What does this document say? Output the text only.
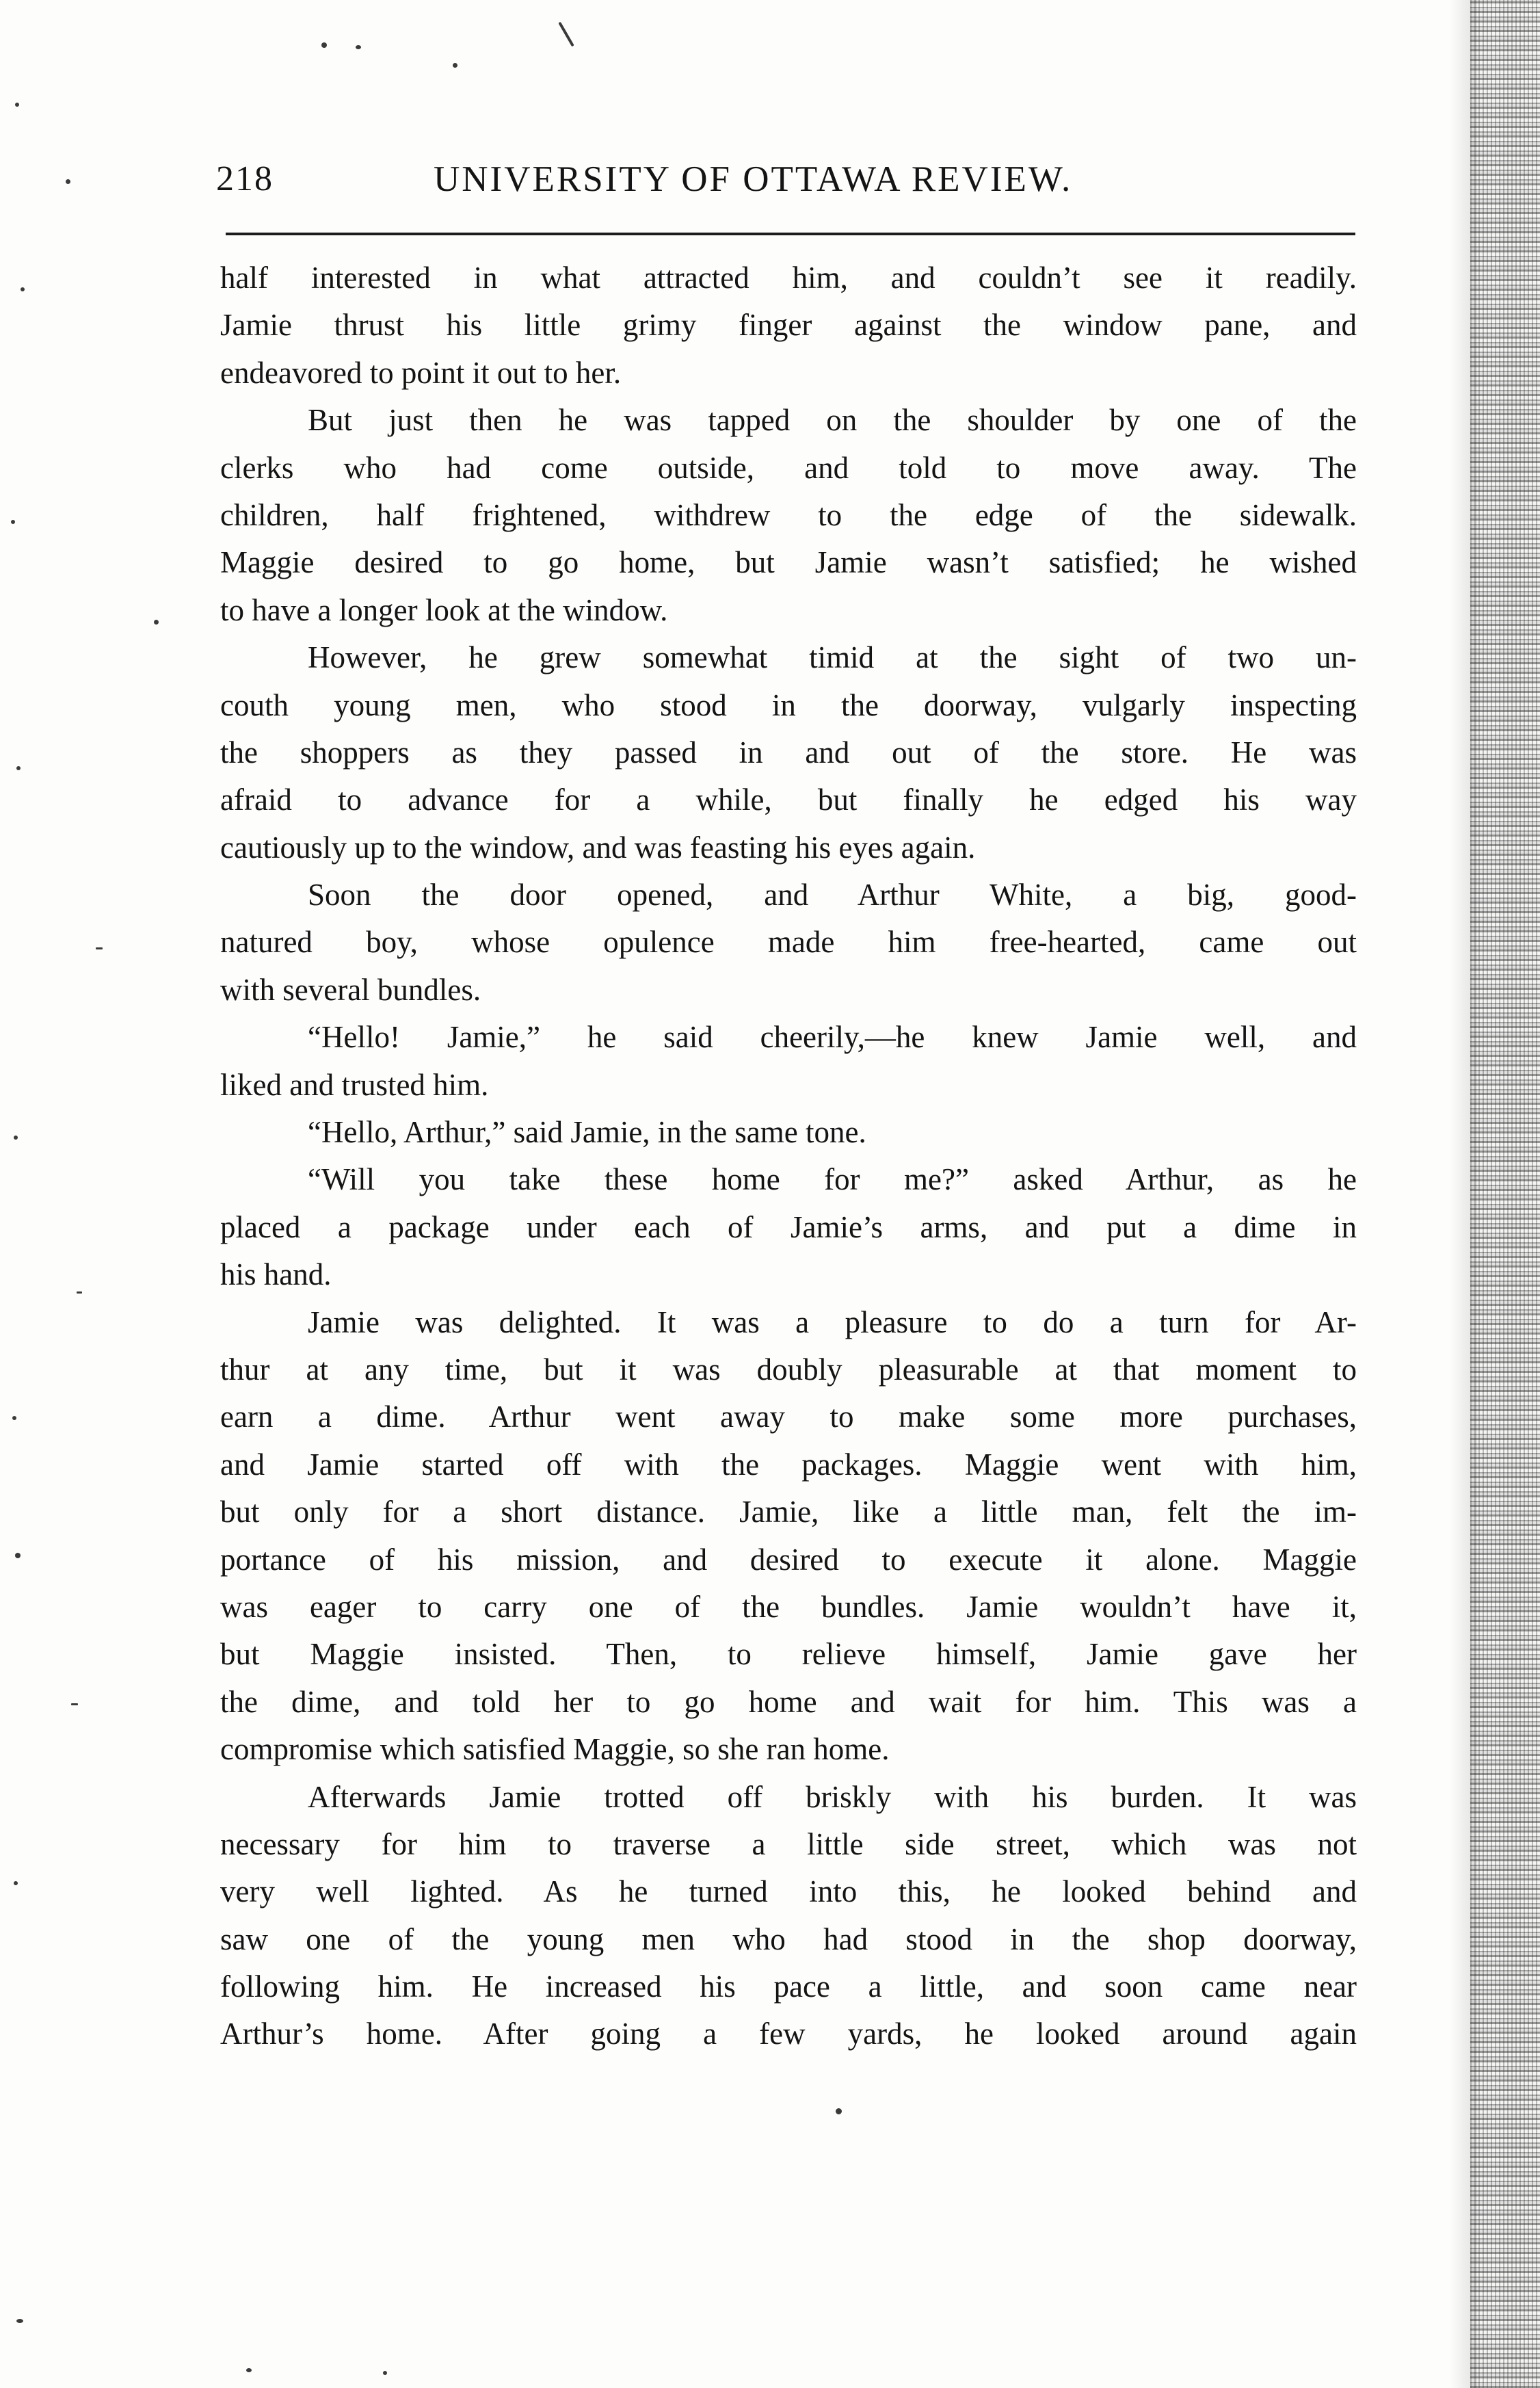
218	UNIVERSITY OF OTTAWA REVIEW.
half interested in what attracted him, and couldn’t see it readily.
Jamie thrust his little grimy finger against the window pane, and
endeavored to point it out to her.
But just then he was tapped on the shoulder by one of the
clerks who had come outside, and told to move away. The
children, half frightened, withdrew to the edge of the sidewalk.
Maggie desired to go home, but Jamie wasn’t satisfied; he wished
to have a longer look at the window.
However, he grew somewhat timid at the sight of two un-
couth young men, who stood in the doorway, vulgarly inspecting
the shoppers as they passed in and out of the store. He was
afraid to advance for a while, but finally he edged his way
cautiously up to the window, and was feasting his eyes again.
Soon the door opened, and Arthur White, a big, good-
natured boy, whose opulence made him free-hearted, came out
with several bundles.
“Hello! Jamie,” he said cheerily,—he knew Jamie well, and
liked and trusted him.
“Hello, Arthur,” said Jamie, in the same tone.
“Will you take these home for me?” asked Arthur, as he
placed a package under each of Jamie’s arms, and put a dime in
his hand.
Jamie was delighted. It was a pleasure to do a turn for Ar-
thur at any time, but it was doubly pleasurable at that moment to
earn a dime. Arthur went away to make some more purchases,
and Jamie started off with the packages. Maggie went with him,
but only for a short distance. Jamie, like a little man, felt the im-
portance of his mission, and desired to execute it alone. Maggie
was eager to carry one of the bundles. Jamie wouldn’t have it,
but Maggie insisted. Then, to relieve himself, Jamie gave her
the dime, and told her to go home and wait for him. This was a
compromise which satisfied Maggie, so she ran home.
Afterwards Jamie trotted off briskly with his burden. It was
necessary for him to traverse a little side street, which was not
very well lighted. As he turned into this, he looked behind and
saw one of the young men who had stood in the shop doorway,
following him. He increased his pace a little, and soon came near
Arthur’s home. After going a few yards, he looked around again
